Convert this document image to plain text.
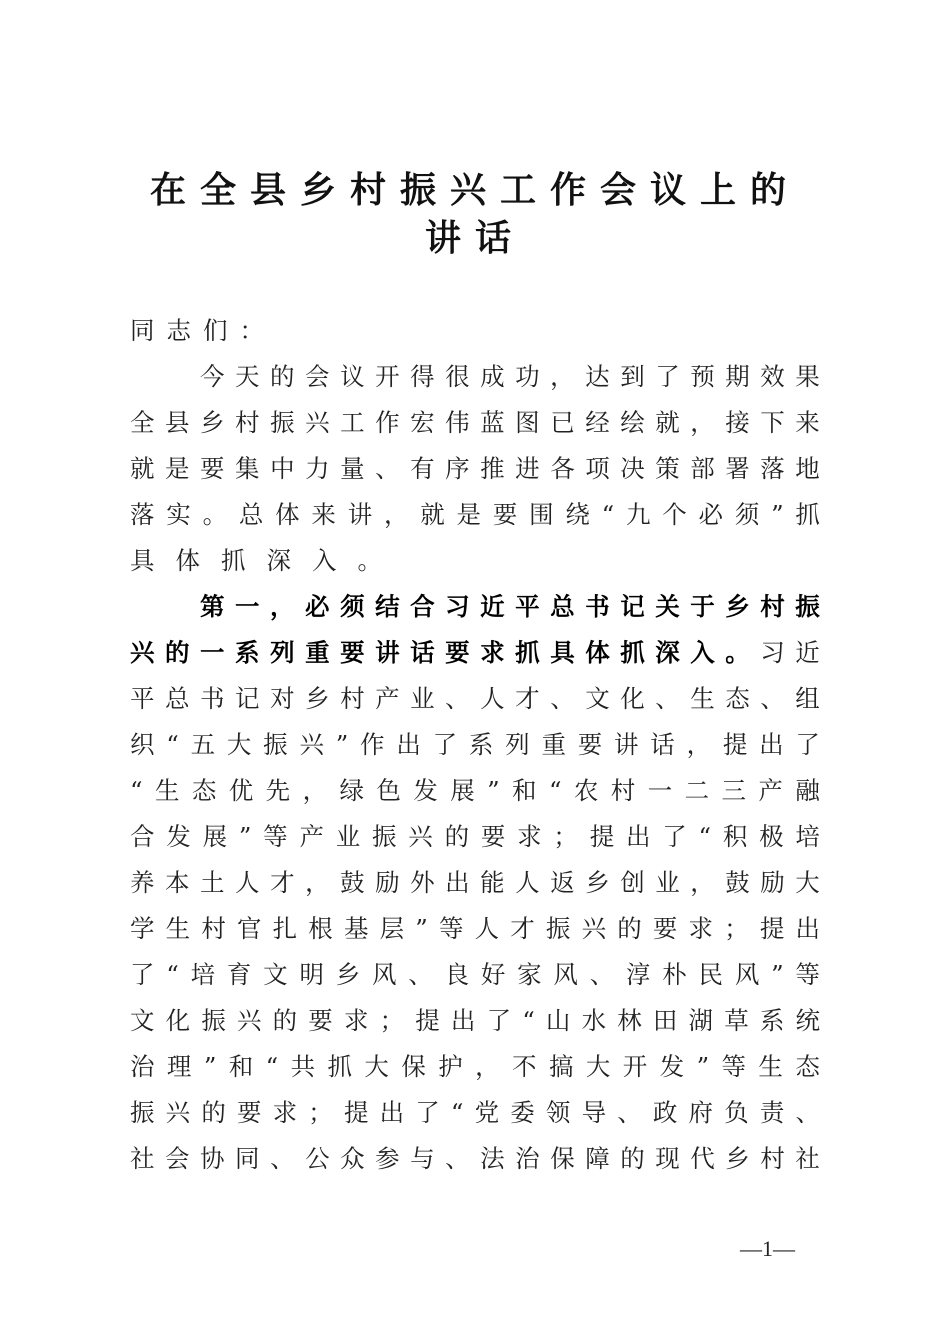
在全县乡村振兴工作会议上的
讲话
同志们：
今 天 的 会 议 开 得 很 成 功 ， 达 到 了 预 期 效 果
全 县 乡 村 振 兴 工 作 宏 伟 蓝 图 已 经 绘 就 ， 接 下 来
就 是 要 集 中 力 量 、 有 序 推 进 各 项 决 策 部 署 落 地
落 实 。 总 体 来 讲 ， 就 是 要 围 绕 “ 九 个 必 须 ” 抓
具 体 抓 深 入 。
第 一 ， 必 须 结 合 习 近 平 总 书 记 关 于 乡 村 振
兴 的 一 系 列 重 要 讲 话 要 求 抓 具 体 抓 深 入 。 习 近
平 总 书 记 对 乡 村 产 业 、 人 才 、 文 化 、 生 态 、 组
织 “ 五 大 振 兴 ” 作 出 了 系 列 重 要 讲 话 ， 提 出 了
“ 生 态 优 先 ， 绿 色 发 展 ” 和 “ 农 村 一 二 三 产 融
合 发 展 ” 等 产 业 振 兴 的 要 求 ； 提 出 了 “ 积 极 培
养 本 土 人 才 ， 鼓 励 外 出 能 人 返 乡 创 业 ， 鼓 励 大
学 生 村 官 扎 根 基 层 ” 等 人 才 振 兴 的 要 求 ； 提 出
了 “ 培 育 文 明 乡 风 、 良 好 家 风 、 淳 朴 民 风 ” 等
文 化 振 兴 的 要 求 ； 提 出 了 “ 山 水 林 田 湖 草 系 统
治 理 ” 和 “ 共 抓 大 保 护 ， 不 搞 大 开 发 ” 等 生 态
振 兴 的 要 求 ； 提 出 了 “ 党 委 领 导 、 政 府 负 责 、
社 会 协 同 、 公 众 参 与 、 法 治 保 障 的 现 代 乡 村 社
—1—
